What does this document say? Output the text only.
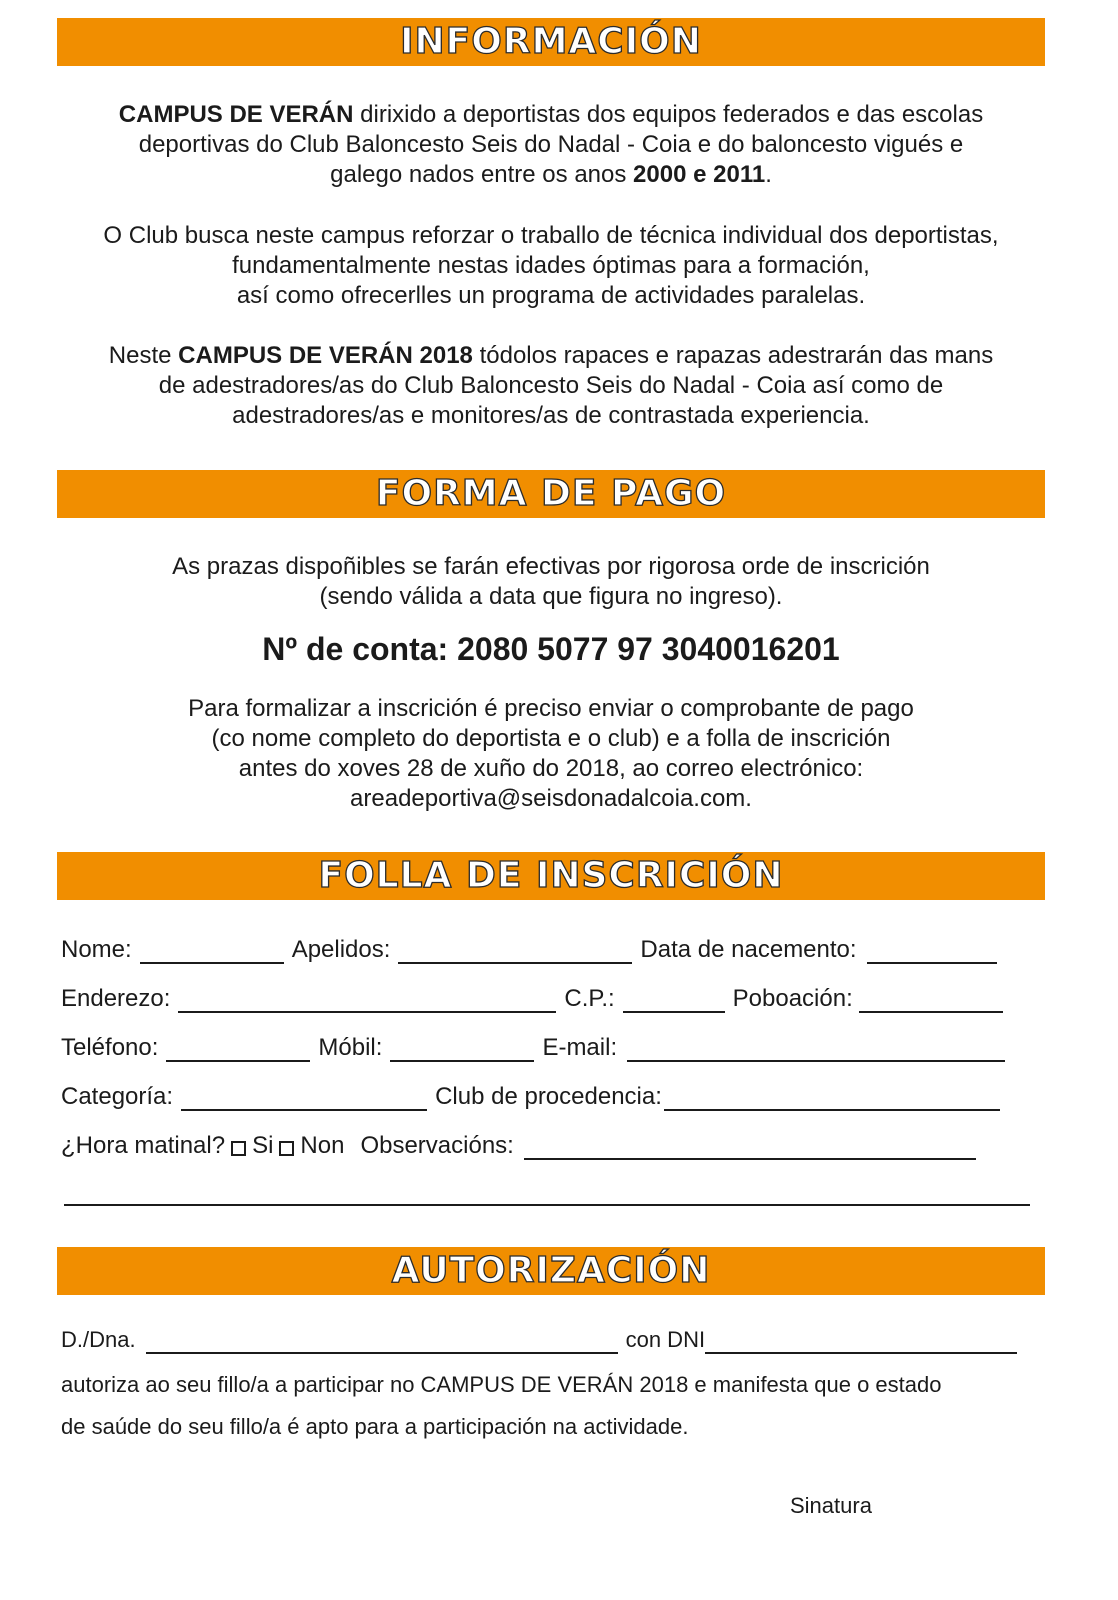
INFORMACIÓN
CAMPUS DE VERÁN dirixido a deportistas dos equipos federados e das escolas
deportivas do Club Baloncesto Seis do Nadal - Coia e do baloncesto vigués e
galego nados entre os anos 2000 e 2011.
O Club busca neste campus reforzar o traballo de técnica individual dos deportistas,
fundamentalmente nestas idades óptimas para a formación,
así como ofrecerlles un programa de actividades paralelas.
Neste CAMPUS DE VERÁN 2018 tódolos rapaces e rapazas adestrarán das mans
de adestradores/as do Club Baloncesto Seis do Nadal - Coia así como de
adestradores/as e monitores/as de contrastada experiencia.
FORMA DE PAGO
As prazas dispoñibles se farán efectivas por rigorosa orde de inscrición
(sendo válida a data que figura no ingreso).
Nº de conta: 2080 5077 97 3040016201
Para formalizar a inscrición é preciso enviar o comprobante de pago
(co nome completo do deportista e o club) e a folla de inscrición
antes do xoves 28 de xuño do 2018, ao correo electrónico:
areadeportiva@seisdonadalcoia.com.
FOLLA DE INSCRICIÓN
Nome:	Apelidos:	Data de nacemento:
Enderezo:	C.P.:	Poboación:
Teléfono:	Móbil:	E-mail:
Categoría:	Club de procedencia:
¿Hora matinal? Si Non Observacións:
AUTORIZACIÓN
D./Dna.	con DNI
autoriza ao seu fillo/a a participar no CAMPUS DE VERÁN 2018 e manifesta que o estado
de saúde do seu fillo/a é apto para a participación na actividade.
Sinatura
